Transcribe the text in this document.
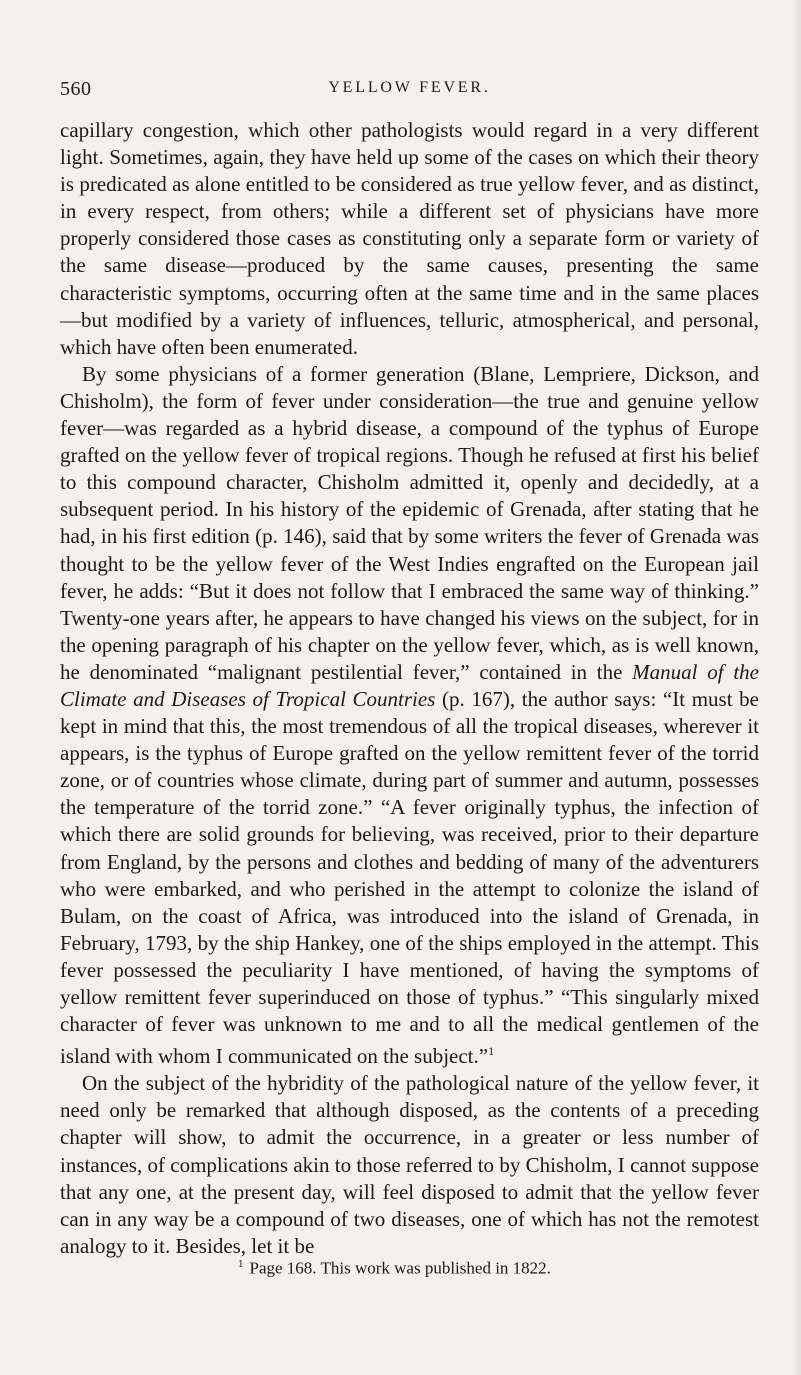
560	YELLOW FEVER.

capillary congestion, which other pathologists would regard in a very different light. Sometimes, again, they have held up some of the cases on which their theory is predicated as alone entitled to be considered as true yellow fever, and as distinct, in every respect, from others; while a different set of physicians have more properly considered those cases as constituting only a separate form or variety of the same disease—produced by the same causes, presenting the same characteristic symptoms, occurring often at the same time and in the same places—but modified by a variety of influences, telluric, atmospherical, and personal, which have often been enumerated.

By some physicians of a former generation (Blane, Lempriere, Dickson, and Chisholm), the form of fever under consideration—the true and genuine yellow fever—was regarded as a hybrid disease, a compound of the typhus of Europe grafted on the yellow fever of tropical regions. Though he refused at first his belief to this compound character, Chisholm admitted it, openly and decidedly, at a subsequent period. In his history of the epidemic of Grenada, after stating that he had, in his first edition (p. 146), said that by some writers the fever of Grenada was thought to be the yellow fever of the West Indies engrafted on the European jail fever, he adds: “But it does not follow that I embraced the same way of thinking.” Twenty-one years after, he appears to have changed his views on the subject, for in the opening paragraph of his chapter on the yellow fever, which, as is well known, he denominated “malignant pestilential fever,” contained in the Manual of the Climate and Diseases of Tropical Countries (p. 167), the author says: “It must be kept in mind that this, the most tremendous of all the tropical diseases, wherever it appears, is the typhus of Europe grafted on the yellow remittent fever of the torrid zone, or of countries whose climate, during part of summer and autumn, possesses the temperature of the torrid zone.” “A fever originally typhus, the infection of which there are solid grounds for believing, was received, prior to their departure from England, by the persons and clothes and bedding of many of the adventurers who were embarked, and who perished in the attempt to colonize the island of Bulam, on the coast of Africa, was introduced into the island of Grenada, in February, 1793, by the ship Hankey, one of the ships employed in the attempt. This fever possessed the peculiarity I have mentioned, of having the symptoms of yellow remittent fever superinduced on those of typhus.” “This singularly mixed character of fever was unknown to me and to all the medical gentlemen of the island with whom I communicated on the subject.”$^1$

On the subject of the hybridity of the pathological nature of the yellow fever, it need only be remarked that although disposed, as the contents of a preceding chapter will show, to admit the occurrence, in a greater or less number of instances, of complications akin to those referred to by Chisholm, I cannot suppose that any one, at the present day, will feel disposed to admit that the yellow fever can in any way be a compound of two diseases, one of which has not the remotest analogy to it. Besides, let it be

$^1$ Page 168. This work was published in 1822.
